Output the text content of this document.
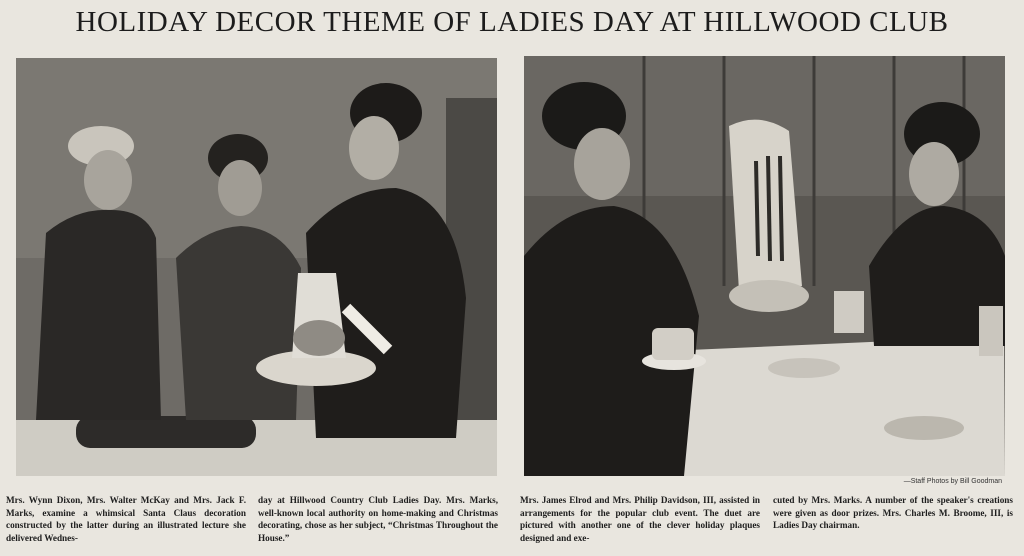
HOLIDAY DECOR THEME OF LADIES DAY AT HILLWOOD CLUB
—Staff Photos by Bill Goodman
Mrs. Wynn Dixon, Mrs. Walter McKay and Mrs. Jack F. Marks, examine a whimsical Santa Claus decoration constructed by the latter during an illustrated lecture she delivered Wednes-
day at Hillwood Country Club Ladies Day. Mrs. Marks, well-known local authority on home-making and Christmas decorating, chose as her subject, “Christmas Throughout the House.”
Mrs. James Elrod and Mrs. Philip Davidson, III, assisted in arrangements for the popular club event. The duet are pictured with another one of the clever holiday plaques designed and exe-
cuted by Mrs. Marks. A number of the speaker's creations were given as door prizes. Mrs. Charles M. Broome, III, is Ladies Day chairman.
